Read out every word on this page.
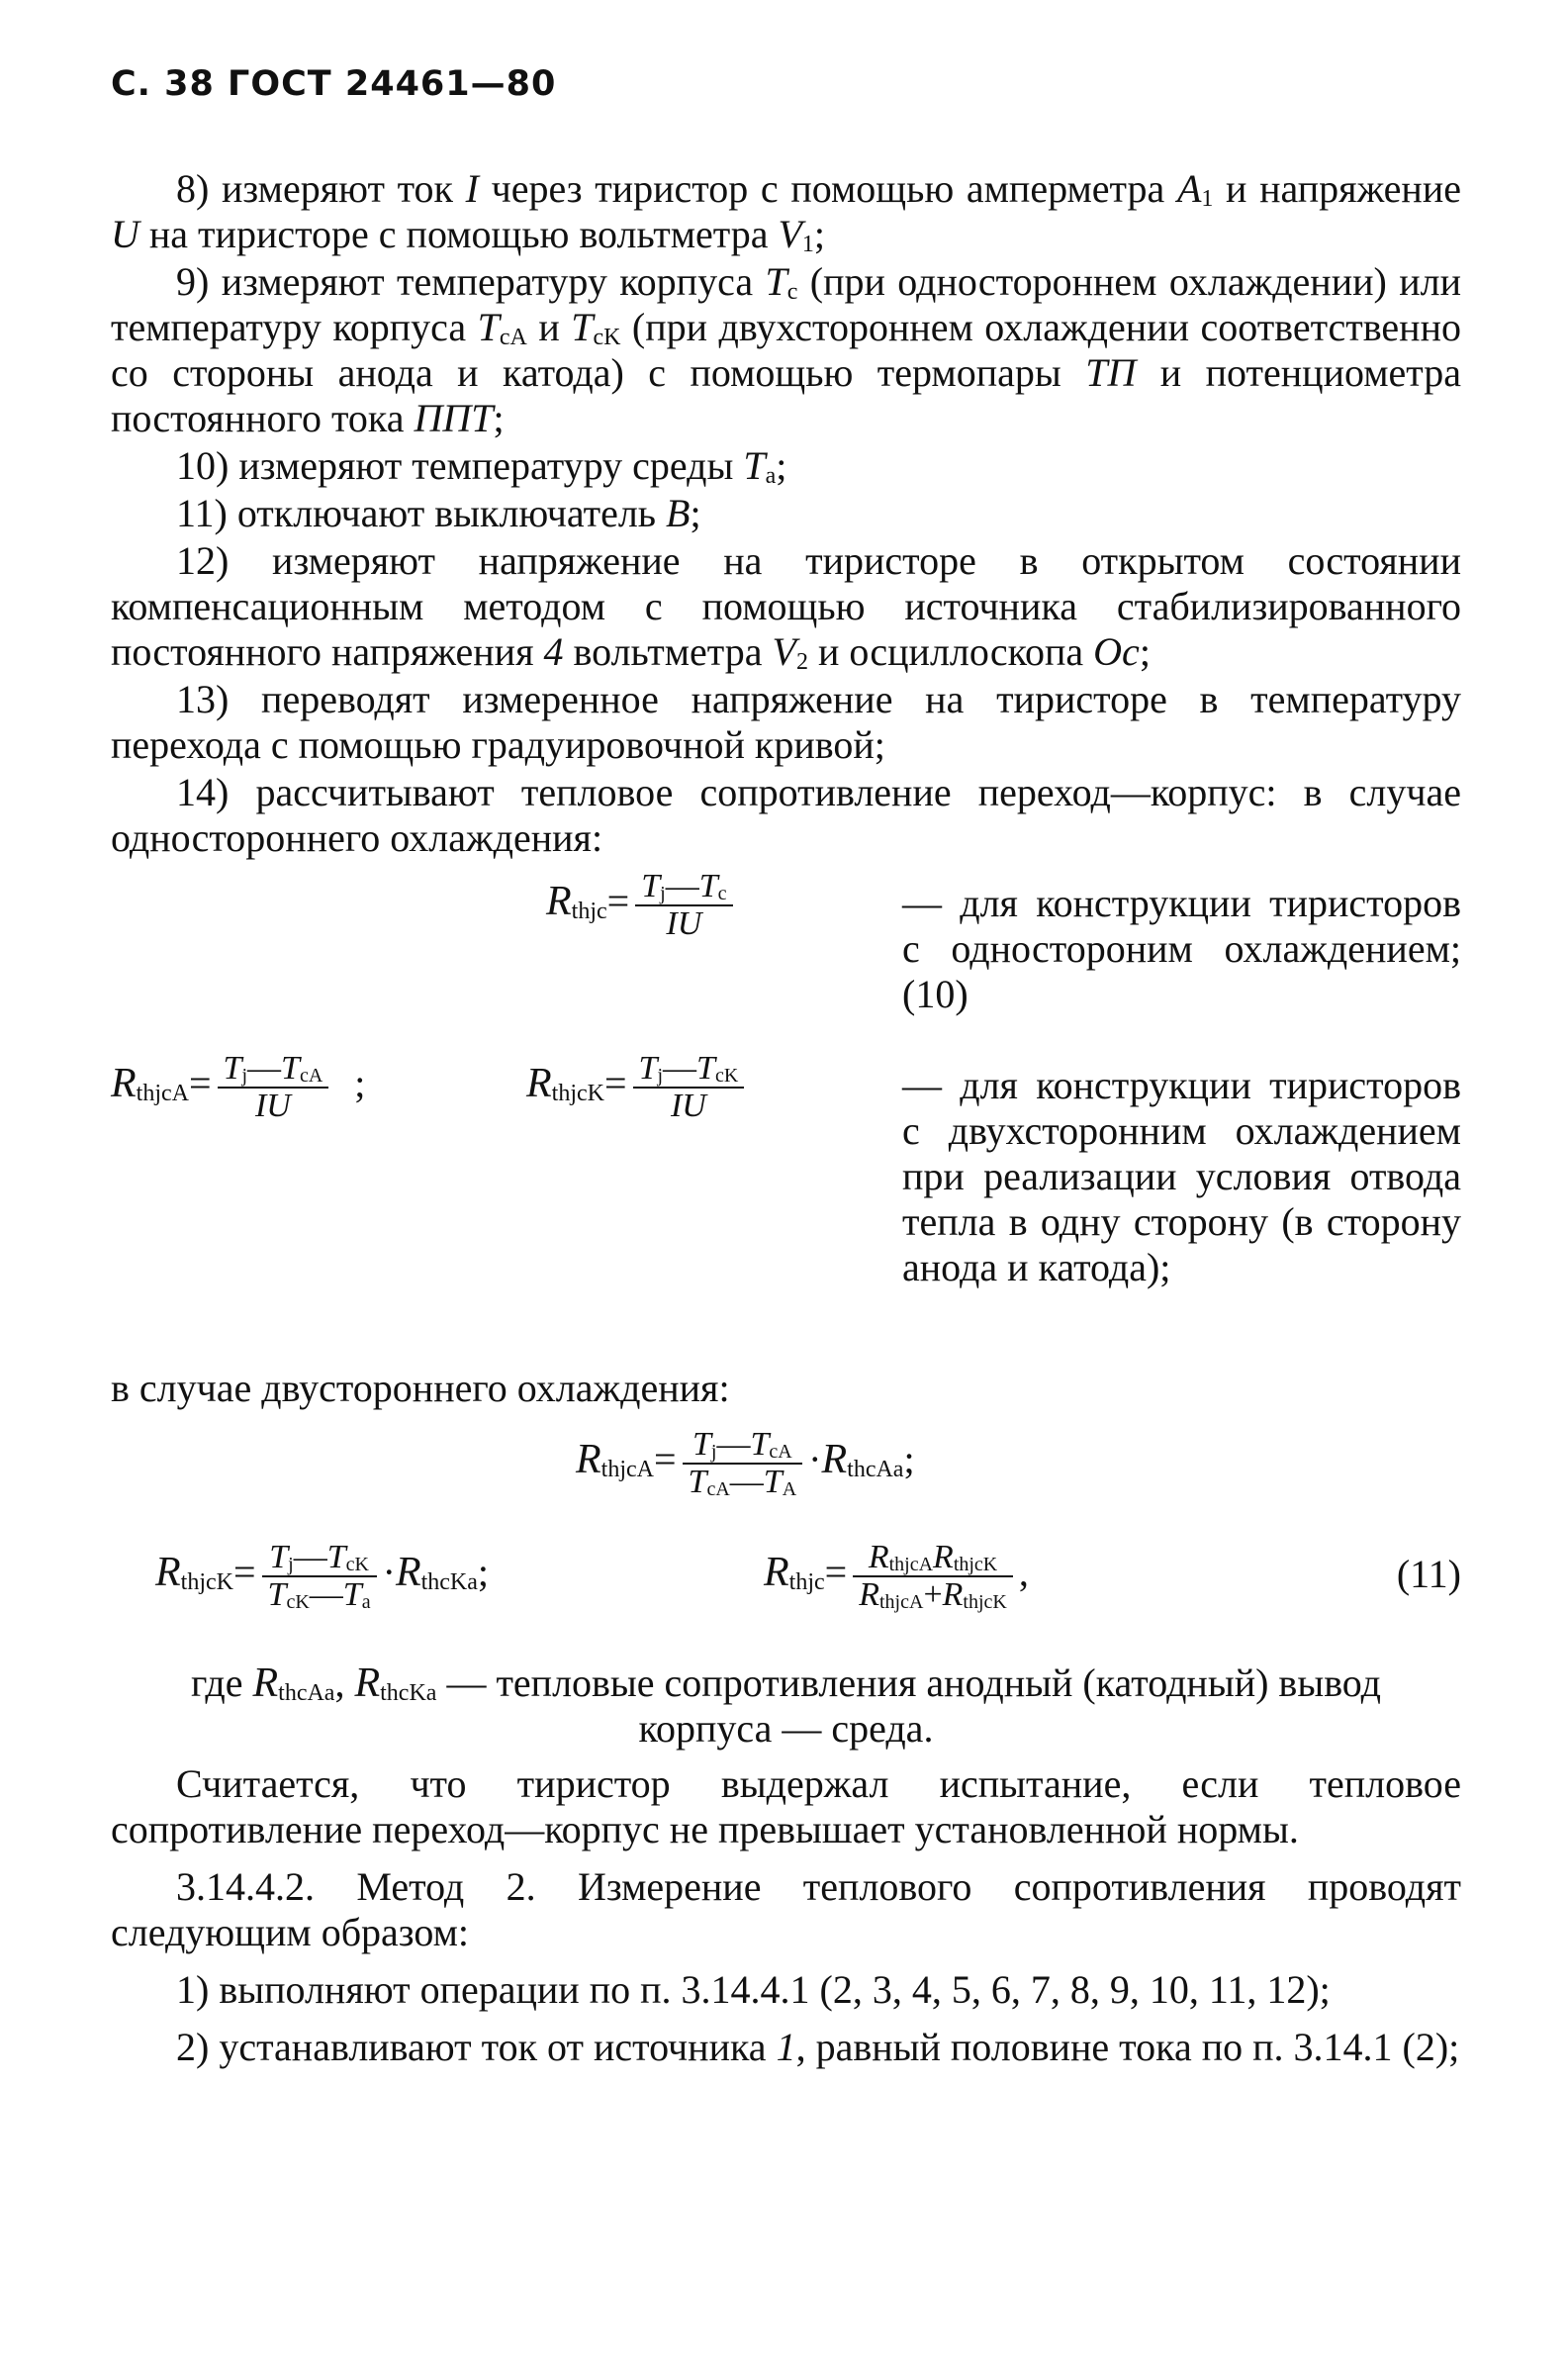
С. 38 ГОСТ 24461—80

8) измеряют ток I через тиристор с помощью амперметра $A_1$ и напряжение U на тиристоре с помощью вольтметра $V_1$;

9) измеряют температуру корпуса $T_c$ (при одностороннем охлаждении) или температуру корпуса $T_{cA}$ и $T_{cK}$ (при двухстороннем охлаждении соответственно со стороны анода и катода) с помощью термопары ТП и потенциометра постоянного тока ППТ;

10) измеряют температуру среды $T_a$;

11) отключают выключатель В;

12) измеряют напряжение на тиристоре в открытом состоянии компенсационным методом с помощью источника стабилизированного постоянного напряжения 4 вольтметра $V_2$ и осциллоскопа Ос;

13) переводят измеренное напряжение на тиристоре в температуру перехода с помощью градуировочной кривой;

14) рассчитывают тепловое сопротивление переход—корпус: в случае одностороннего охлаждения:

$R_{thjc}= \frac{T_j—T_c}{IU}$	— для конструкции тиристоров с одностороним охлаждением; (10)
$R_{thjcA}= \frac{T_j—T_{cA}}{IU}$ ;	$R_{thjcK}= \frac{T_j—T_{cK}}{IU}$	— для конструкции тиристоров с двухсторонним охлаждением при реализации условия отвода тепла в одну сторону (в сторону анода и катода);

в случае двустороннего охлаждения:

$R_{thjcA}= \frac{T_j—T_{cA}}{T_{cA}—T_A} \cdot R_{thcAa}$;
$R_{thjcK}= \frac{T_j—T_{cK}}{T_{cK}—T_a} \cdot R_{thcKa}$;	$R_{thjc}= \frac{R_{thjcA}R_{thjcK}}{R_{thjcA}+R_{thjcK}}$ ,	(11)

где $R_{thcAa}$, $R_{thcKa}$ — тепловые сопротивления анодный (катодный) вывод корпуса — среда.

Считается, что тиристор выдержал испытание, если тепловое сопротивление переход—корпус не превышает установленной нормы.

3.14.4.2. Метод 2. Измерение теплового сопротивления проводят следующим образом:

1) выполняют операции по п. 3.14.4.1 (2, 3, 4, 5, 6, 7, 8, 9, 10, 11, 12);

2) устанавливают ток от источника 1, равный половине тока по п. 3.14.1 (2);
